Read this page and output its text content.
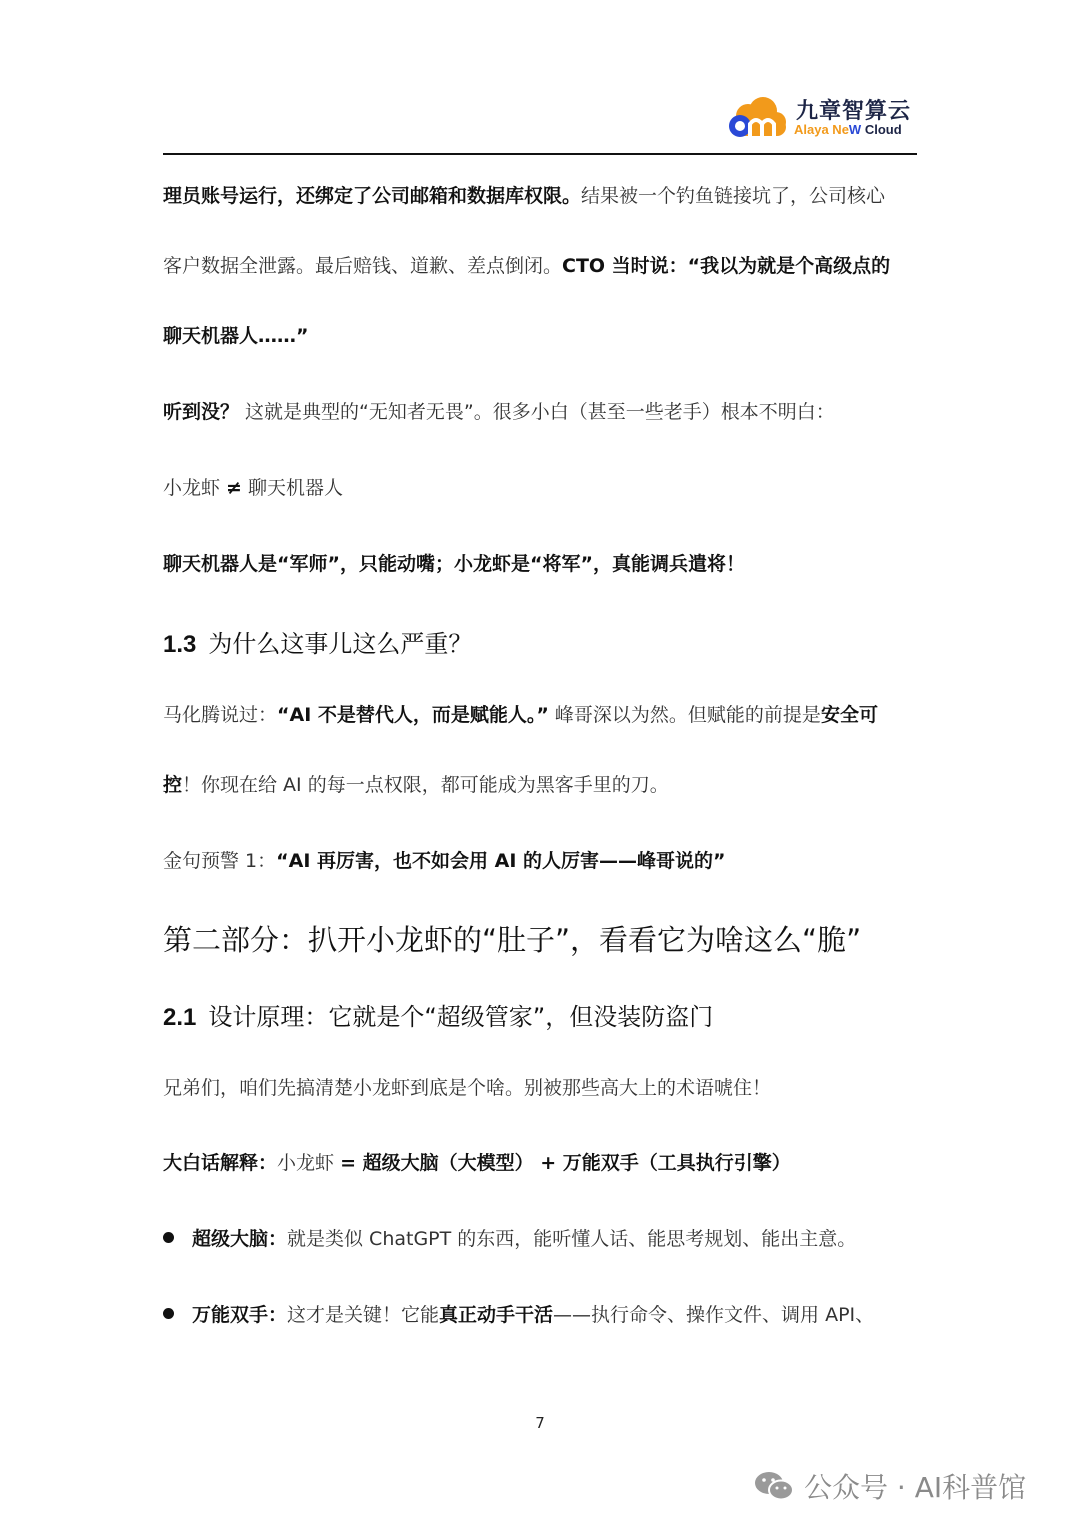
九章智算云
Alaya NeW Cloud
理员账号运行，还绑定了公司邮箱和数据库权限。结果被一个钓鱼链接坑了，公司核心
客户数据全泄露。最后赔钱、道歉、差点倒闭。CTO 当时说：“我以为就是个高级点的
聊天机器人……”
听到没？ 这就是典型的“无知者无畏”。很多小白（甚至一些老手）根本不明白：
小龙虾 ≠ 聊天机器人
聊天机器人是“军师”，只能动嘴；小龙虾是“将军”，真能调兵遣将！
1.3 为什么这事儿这么严重？
马化腾说过：“AI 不是替代人，而是赋能人。” 峰哥深以为然。但赋能的前提是安全可
控！你现在给 AI 的每一点权限，都可能成为黑客手里的刀。
金句预警 1：“AI 再厉害，也不如会用 AI 的人厉害——峰哥说的”
第二部分：扒开小龙虾的“肚子”，看看它为啥这么“脆”
2.1 设计原理：它就是个“超级管家”，但没装防盗门
兄弟们，咱们先搞清楚小龙虾到底是个啥。别被那些高大上的术语唬住！
大白话解释：小龙虾 = 超级大脑（大模型） + 万能双手（工具执行引擎）
超级大脑：就是类似 ChatGPT 的东西，能听懂人话、能思考规划、能出主意。
万能双手：这才是关键！它能真正动手干活——执行命令、操作文件、调用 API、
7
公众号 · AI科普馆
